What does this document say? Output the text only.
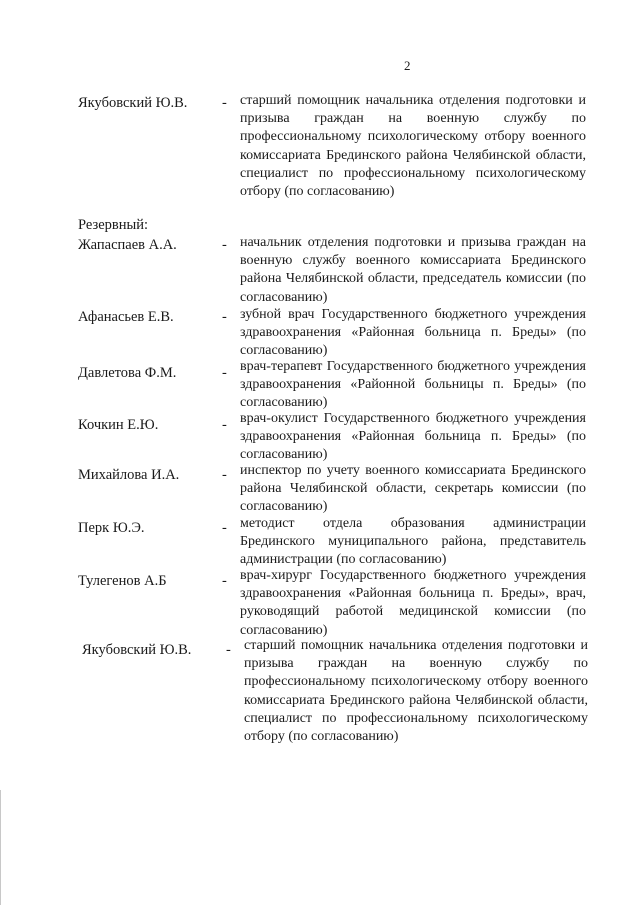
2
Якубовский Ю.В. - старший помощник начальника отделения подготовки и призыва граждан на военную службу по профессиональному психологическому отбору военного комиссариата Брединского района Челябинской области, специалист по профессиональному психологическому отбору (по согласованию)
Резервный:
Жапаспаев А.А.	- начальник отделения подготовки и призыва граждан на военную службу военного комиссариата Брединского района Челябинской области, председатель комиссии (по согласованию)
Афанасьев Е.В.	- зубной врач Государственного бюджетного учреждения здравоохранения «Районная больница п. Бреды» (по согласованию)
Давлетова Ф.М.	- врач-терапевт Государственного бюджетного учреждения здравоохранения «Районной больницы п. Бреды» (по согласованию)
Кочкин Е.Ю.	- врач-окулист Государственного бюджетного учреждения здравоохранения «Районная больница п. Бреды» (по согласованию)
Михайлова И.А.	- инспектор по учету военного комиссариата Брединского района Челябинской области, секретарь комиссии (по согласованию)
Перк Ю.Э.	- методист отдела образования администрации Брединского муниципального района, представитель администрации (по согласованию)
Тулегенов А.Б	- врач-хирург Государственного бюджетного учреждения здравоохранения «Районная больница п. Бреды», врач, руководящий работой медицинской комиссии (по согласованию)
Якубовский Ю.В. - старший помощник начальника отделения подготовки и призыва граждан на военную службу по профессиональному психологическому отбору военного комиссариата Брединского района Челябинской области, специалист по профессиональному психологическому отбору (по согласованию)
